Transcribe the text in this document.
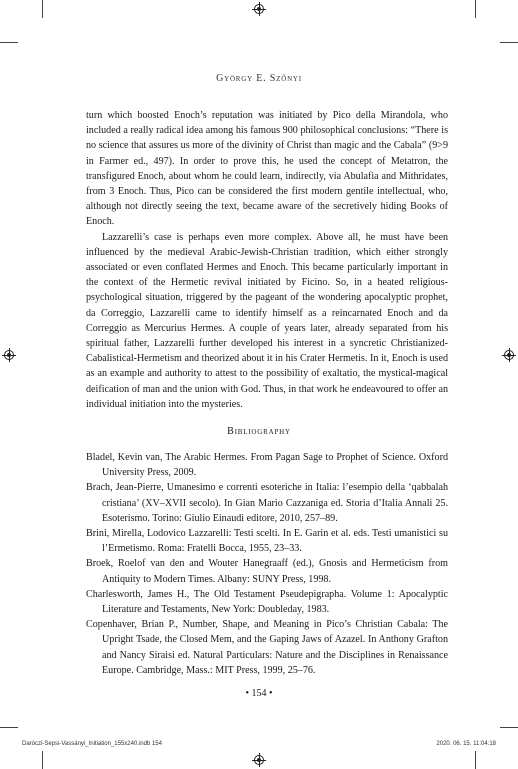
György E. Szőnyi

turn which boosted Enoch’s reputation was initiated by Pico della Mirandola, who included a really radical idea among his famous 900 philosophical conclusions: “There is no science that assures us more of the divinity of Christ than magic and the Cabala” (9>9 in Farmer ed., 497). In order to prove this, he used the concept of Metatron, the transfigured Enoch, about whom he could learn, indirectly, via Abulafia and Mithridates, from 3 Enoch. Thus, Pico can be considered the first modern gentile intellectual, who, although not directly seeing the text, became aware of the secretively hiding Books of Enoch.

Lazzarelli’s case is perhaps even more complex. Above all, he must have been influenced by the medieval Arabic-Jewish-Christian tradition, which either strongly associated or even conflated Hermes and Enoch. This became particularly important in the context of the Hermetic revival initiated by Ficino. So, in a heated religious-psychological situation, triggered by the pageant of the wondering apocalyptic prophet, da Correggio, Lazzarelli came to identify himself as a reincarnated Enoch and da Correggio as Mercurius Hermes. A couple of years later, already separated from his spiritual father, Lazzarelli further developed his interest in a syncretic Christianized-Cabalistical-Hermetism and theorized about it in his Crater Hermetis. In it, Enoch is used as an example and authority to attest to the possibility of exaltatio, the mystical-magical deification of man and the union with God. Thus, in that work he endeavoured to offer an individual initiation into the mysteries.

Bibliography

Bladel, Kevin van, The Arabic Hermes. From Pagan Sage to Prophet of Science. Oxford University Press, 2009.

Brach, Jean-Pierre, Umanesimo e correnti esoteriche in Italia: l’esempio della ‘qabbalah cristiana’ (XV–XVII secolo). In Gian Mario Cazzaniga ed. Storia d’Italia Annali 25. Esoterismo. Torino: Giulio Einaudi editore, 2010, 257–89.

Brini, Mirella, Lodovico Lazzarelli: Testi scelti. In E. Garin et al. eds. Testi umanistici su l’Ermetismo. Roma: Fratelli Bocca, 1955, 23–33.

Broek, Roelof van den and Wouter Hanegraaff (ed.), Gnosis and Hermeticism from Antiquity to Modern Times. Albany: SUNY Press, 1998.

Charlesworth, James H., The Old Testament Pseudepigrapha. Volume 1: Apocalyptic Literature and Testaments, New York: Doubleday, 1983.

Copenhaver, Brian P., Number, Shape, and Meaning in Pico’s Christian Cabala: The Upright Tsade, the Closed Mem, and the Gaping Jaws of Azazel. In Anthony Grafton and Nancy Siraisi ed. Natural Particulars: Nature and the Disciplines in Renaissance Europe. Cambridge, Mass.: MIT Press, 1999, 25–76.

• 154 •
Daróczi-Sepsi-Vassányi_Initiation_155x240.indb 154	2020. 06. 15. 11:04:18
